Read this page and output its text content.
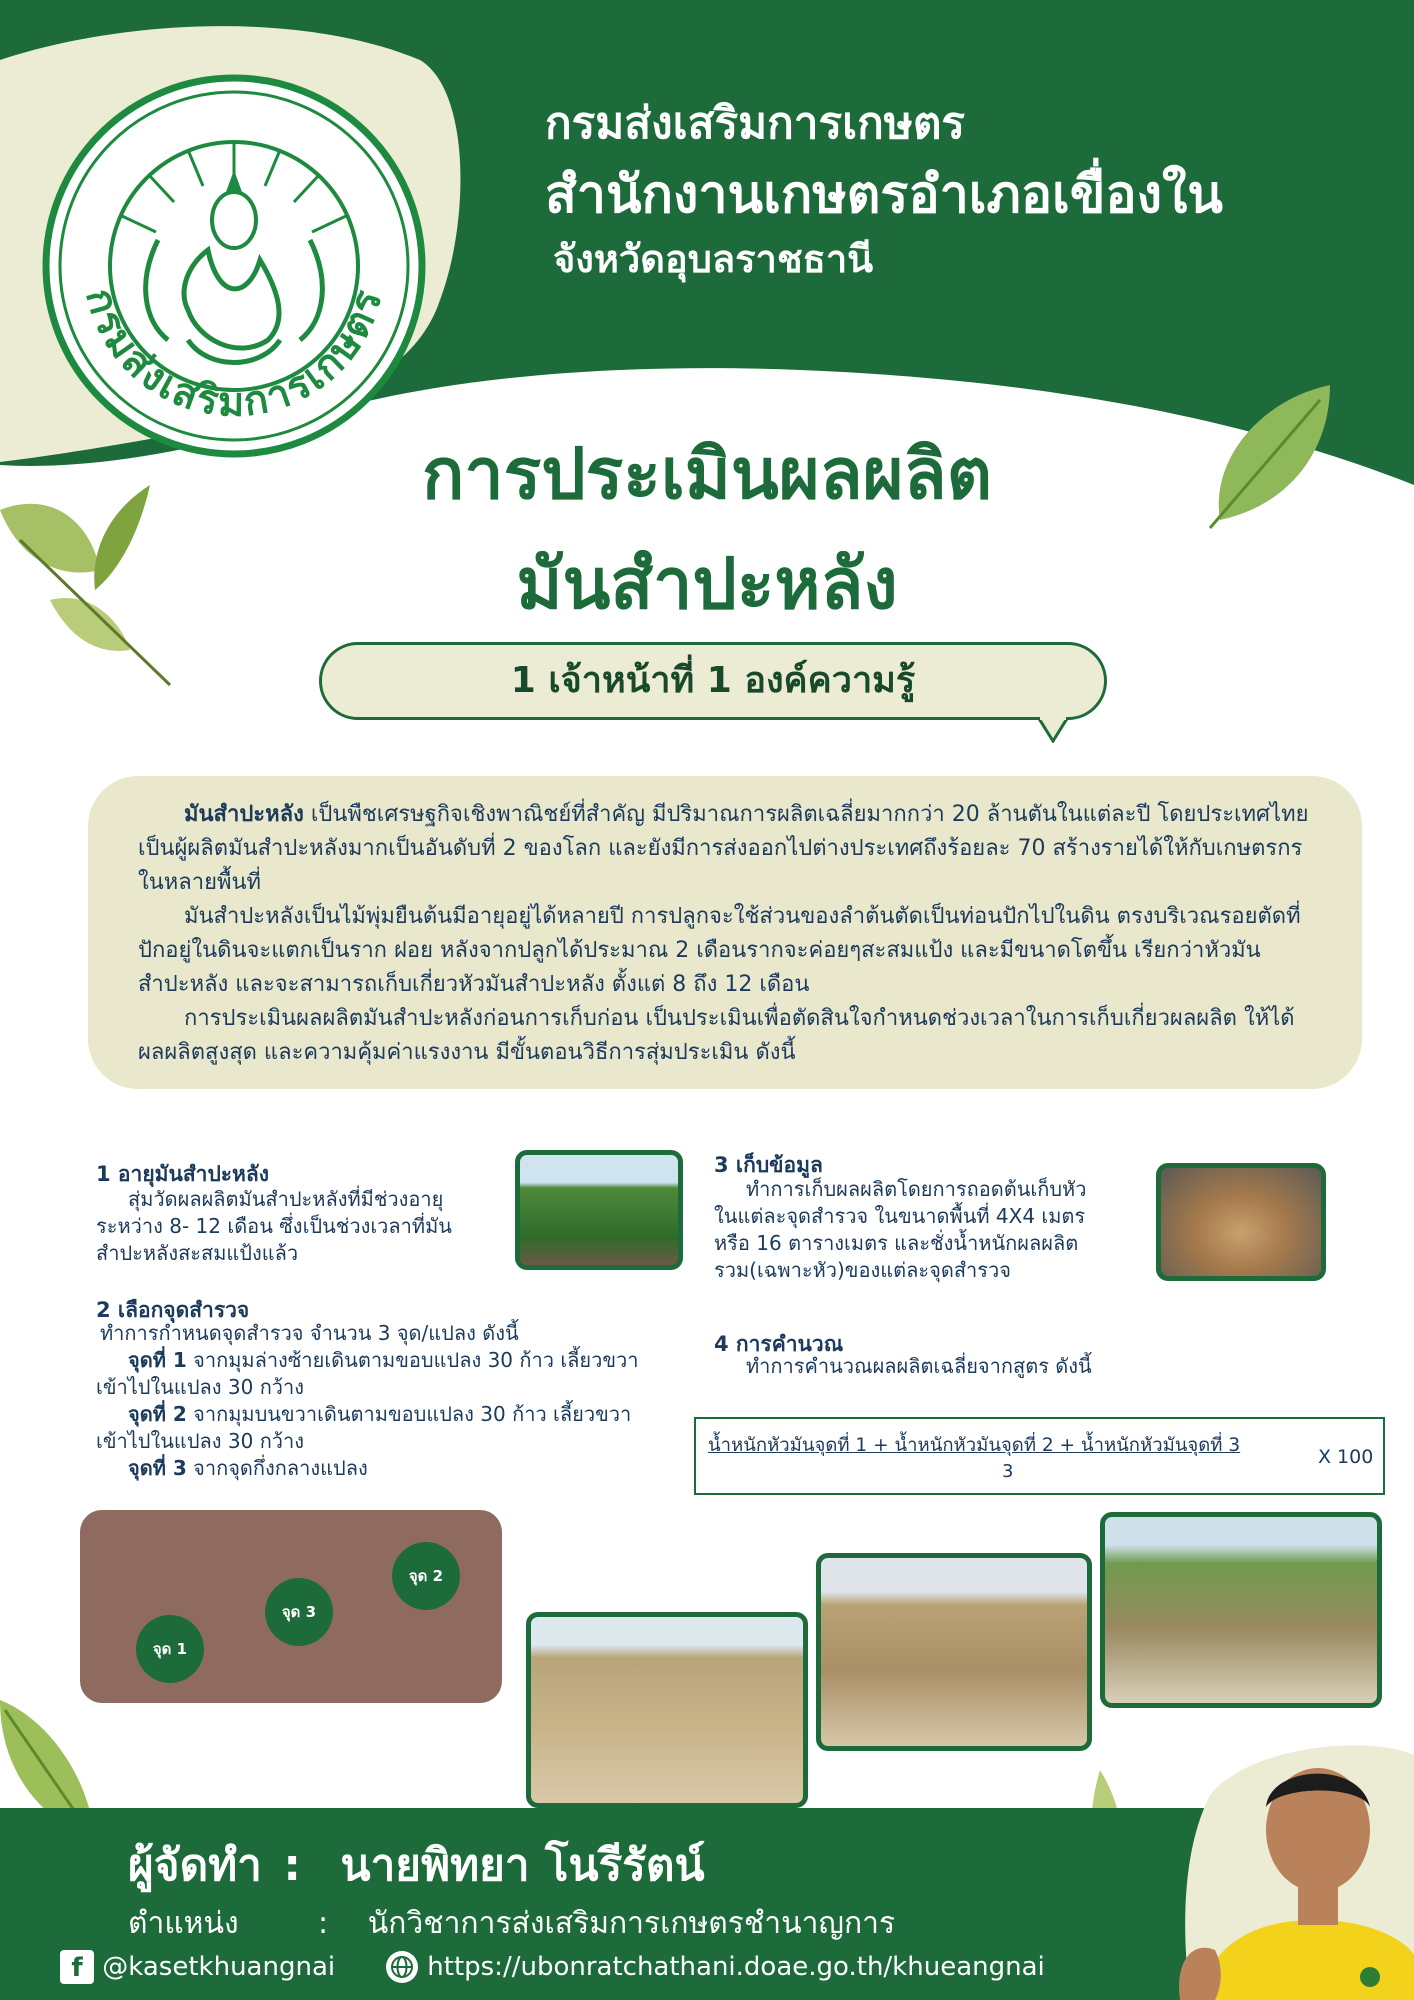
กรมส่งเสริมการเกษตร
กรมส่งเสริมการเกษตร
สำนักงานเกษตรอำเภอเขื่องใน
จังหวัดอุบลราชธานี
การประเมินผลผลิต
มันสำปะหลัง
1 เจ้าหน้าที่ 1 องค์ความรู้

มันสำปะหลัง เป็นพืชเศรษฐกิจเชิงพาณิชย์ที่สำคัญ มีปริมาณการผลิตเฉลี่ยมากกว่า 20 ล้านตันในแต่ละปี โดยประเทศไทยเป็นผู้ผลิตมันสำปะหลังมากเป็นอันดับที่ 2 ของโลก และยังมีการส่งออกไปต่างประเทศถึงร้อยละ 70 สร้างรายได้ให้กับเกษตรกรในหลายพื้นที่

มันสำปะหลังเป็นไม้พุ่มยืนต้นมีอายุอยู่ได้หลายปี การปลูกจะใช้ส่วนของลำต้นตัดเป็นท่อนปักไปในดิน ตรงบริเวณรอยตัดที่ปักอยู่ในดินจะแตกเป็นราก ฝอย หลังจากปลูกได้ประมาณ 2 เดือนรากจะค่อยๆสะสมแป้ง และมีขนาดโตขึ้น เรียกว่าหัวมันสำปะหลัง และจะสามารถเก็บเกี่ยวหัวมันสำปะหลัง ตั้งแต่ 8 ถึง 12 เดือน

การประเมินผลผลิตมันสำปะหลังก่อนการเก็บก่อน เป็นประเมินเพื่อตัดสินใจกำหนดช่วงเวลาในการเก็บเกี่ยวผลผลิต ให้ได้ผลผลิตสูงสุด และความคุ้มค่าแรงงาน มีขั้นตอนวิธีการสุ่มประเมิน ดังนี้

1 อายุมันสำปะหลัง
สุ่มวัดผลผลิตมันสำปะหลังที่มีช่วงอายุระหว่าง 8- 12 เดือน ซึ่งเป็นช่วงเวลาที่มันสำปะหลังสะสมแป้งแล้ว
2 เลือกจุดสำรวจ
ทำการกำหนดจุดสำรวจ จำนวน 3 จุด/แปลง ดังนี้
จุดที่ 1 จากมุมล่างซ้ายเดินตามขอบแปลง 30 ก้าว เลี้ยวขวาเข้าไปในแปลง 30 กว้าง
จุดที่ 2 จากมุมบนขวาเดินตามขอบแปลง 30 ก้าว เลี้ยวขวาเข้าไปในแปลง 30 กว้าง
จุดที่ 3 จากจุดกึ่งกลางแปลง
3 เก็บข้อมูล
ทำการเก็บผลผลิตโดยการถอดต้นเก็บหัว ในแต่ละจุดสำรวจ ในขนาดพื้นที่ 4X4 เมตร หรือ 16 ตารางเมตร และชั่งน้ำหนักผลผลิตรวม(เฉพาะหัว)ของแต่ละจุดสำรวจ
4 การคำนวณ
ทำการคำนวณผลผลิตเฉลี่ยจากสูตร ดังนี้
น้ำหนักหัวมันจุดที่ 1 + น้ำหนักหัวมันจุดที่ 2 + น้ำหนักหัวมันจุดที่ 3
3
X 100
จุด 1
จุด 2
จุด 3
ผู้จัดทำ : นายพิทยา โนรีรัตน์
ตำแหน่ง	: นักวิชาการส่งเสริมการเกษตรชำนาญการ
f @kasetkhuangnai	https://ubonratchathani.doae.go.th/khueangnai
